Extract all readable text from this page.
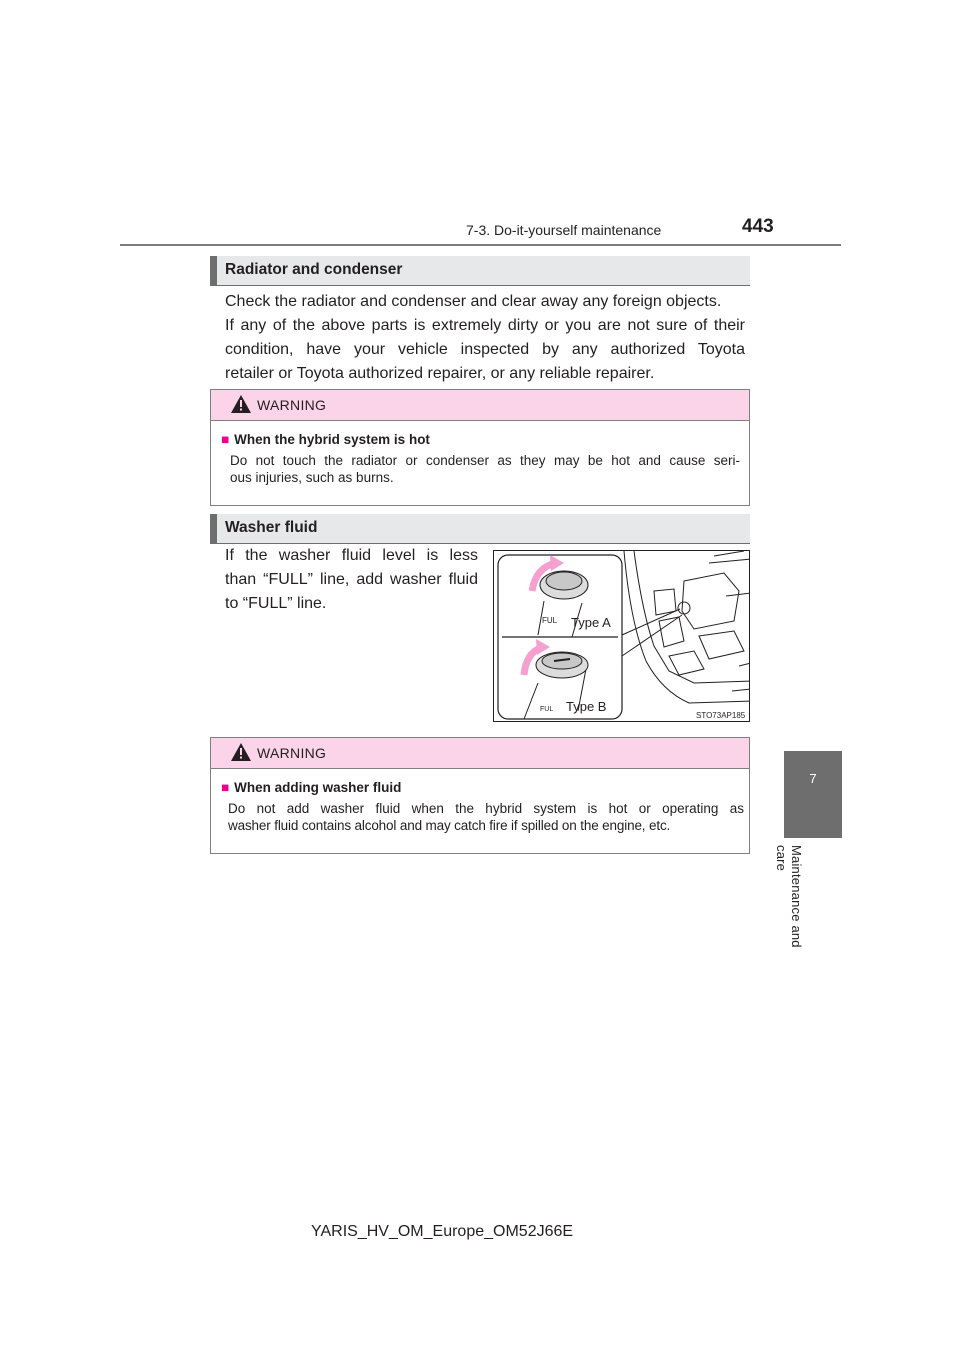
7-3. Do-it-yourself maintenance	443
7
Maintenance and care
Radiator and condenser
Check the radiator and condenser and clear away any foreign objects.
If any of the above parts is extremely dirty or you are not sure of their
condition, have your vehicle inspected by any authorized Toyota
retailer or Toyota authorized repairer, or any reliable repairer.
WARNING
■ When the hybrid system is hot
Do not touch the radiator or condenser as they may be hot and cause seri-
ous injuries, such as burns.
Washer fluid
If the washer fluid level is less
than “FULL” line, add washer fluid
to “FULL” line.
FUL
FUL
Type A
Type B
STO73AP185
WARNING
■ When adding washer fluid
Do not add washer fluid when the hybrid system is hot or operating as
washer fluid contains alcohol and may catch fire if spilled on the engine, etc.
YARIS_HV_OM_Europe_OM52J66E
